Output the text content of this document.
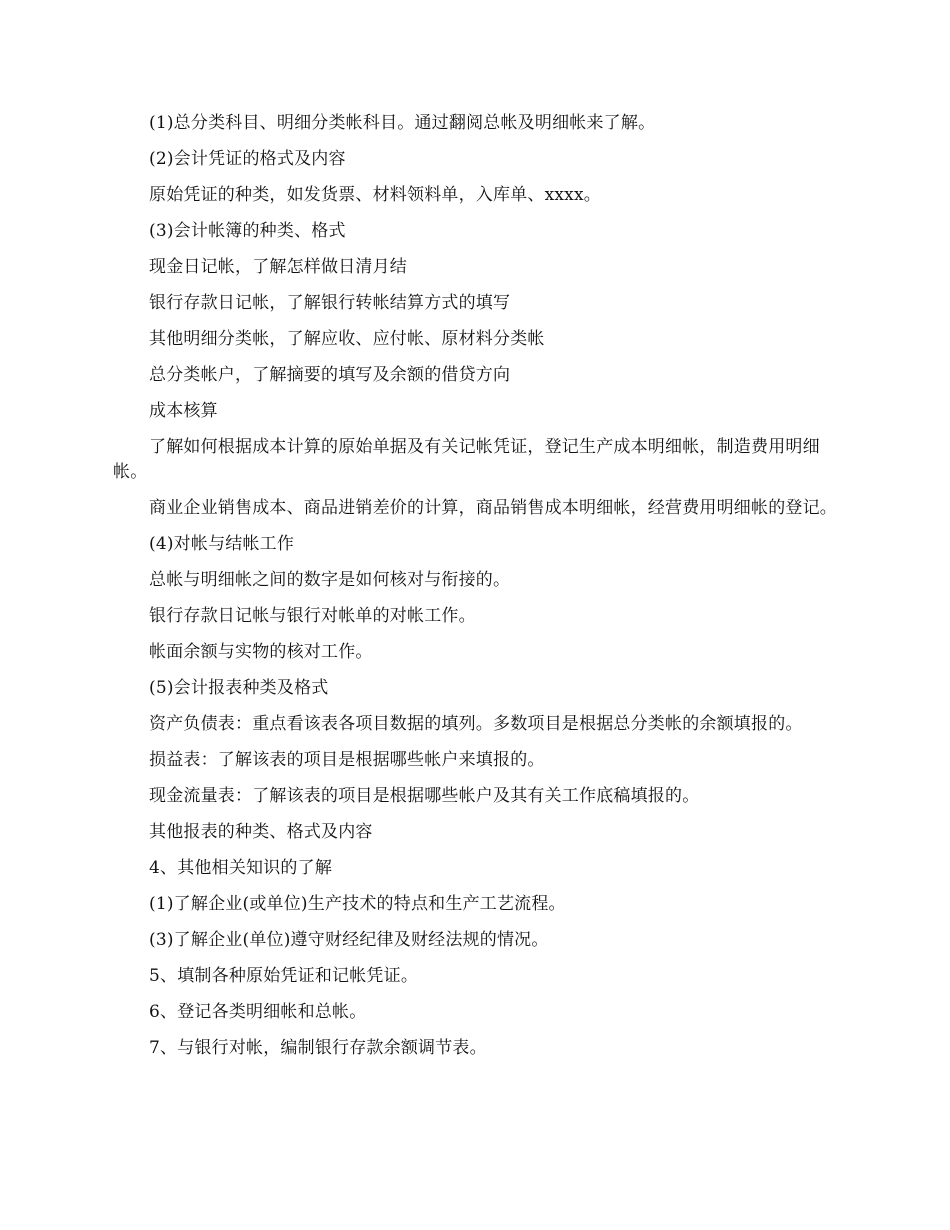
(1)总分类科目、明细分类帐科目。通过翻阅总帐及明细帐来了解。

(2)会计凭证的格式及内容

原始凭证的种类，如发货票、材料领料单，入库单、xxxx。

(3)会计帐簿的种类、格式

现金日记帐，了解怎样做日清月结

银行存款日记帐，了解银行转帐结算方式的填写

其他明细分类帐，了解应收、应付帐、原材料分类帐

总分类帐户，了解摘要的填写及余额的借贷方向

成本核算

了解如何根据成本计算的原始单据及有关记帐凭证，登记生产成本明细帐，制造费用明细帐。

商业企业销售成本、商品进销差价的计算，商品销售成本明细帐，经营费用明细帐的登记。

(4)对帐与结帐工作

总帐与明细帐之间的数字是如何核对与衔接的。

银行存款日记帐与银行对帐单的对帐工作。

帐面余额与实物的核对工作。

(5)会计报表种类及格式

资产负债表：重点看该表各项目数据的填列。多数项目是根据总分类帐的余额填报的。

损益表：了解该表的项目是根据哪些帐户来填报的。

现金流量表：了解该表的项目是根据哪些帐户及其有关工作底稿填报的。

其他报表的种类、格式及内容

4、其他相关知识的了解

(1)了解企业(或单位)生产技术的特点和生产工艺流程。

(3)了解企业(单位)遵守财经纪律及财经法规的情况。

5、填制各种原始凭证和记帐凭证。

6、登记各类明细帐和总帐。

7、与银行对帐，编制银行存款余额调节表。
